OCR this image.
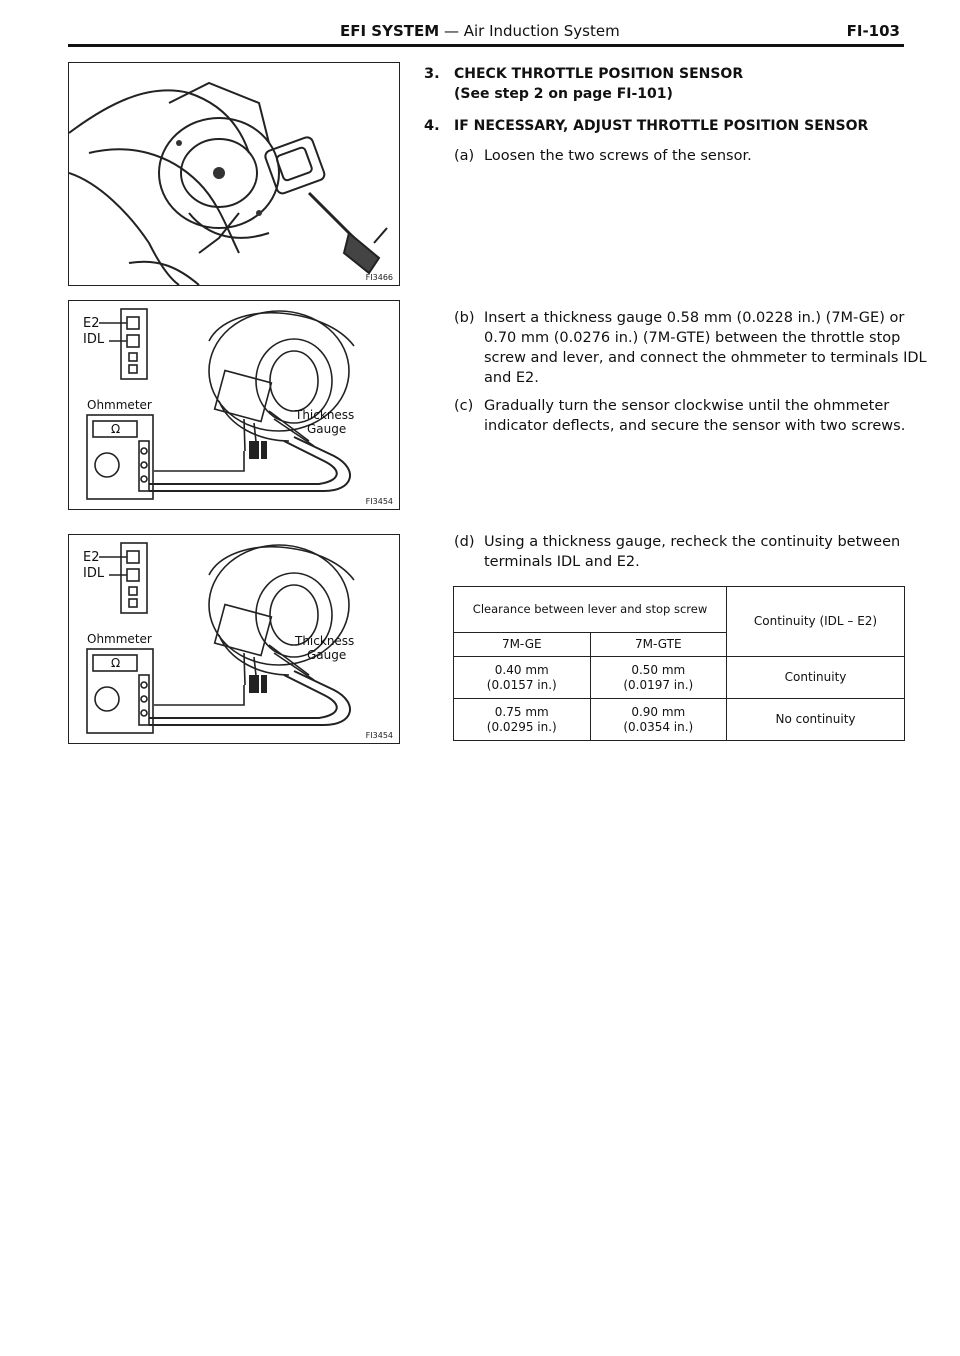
EFI SYSTEM — Air Induction System	FI-103
FI3466
E2
IDL
Ohmmeter
Ω
Thickness
Gauge
FI3454
E2
IDL
Ohmmeter
Ω
Thickness
Gauge
FI3454
3. CHECK THROTTLE POSITION SENSOR
(See step 2 on page FI-101)
4. IF NECESSARY, ADJUST THROTTLE POSITION SENSOR
(a) Loosen the two screws of the sensor.
(b) Insert a thickness gauge 0.58 mm (0.0228 in.) (7M-GE) or 0.70 mm (0.0276 in.) (7M-GTE) between the throttle stop screw and lever, and connect the ohmmeter to terminals IDL and E2.
(c) Gradually turn the sensor clockwise until the ohmmeter indicator deflects, and secure the sensor with two screws.
(d) Using a thickness gauge, recheck the continuity between terminals IDL and E2.
Clearance between lever and stop screw		Continuity (IDL – E2)
7M-GE	7M-GTE	
0.40 mm (0.0157 in.)	0.50 mm (0.0197 in.)	Continuity
0.75 mm (0.0295 in.)	0.90 mm (0.0354 in.)	No continuity
